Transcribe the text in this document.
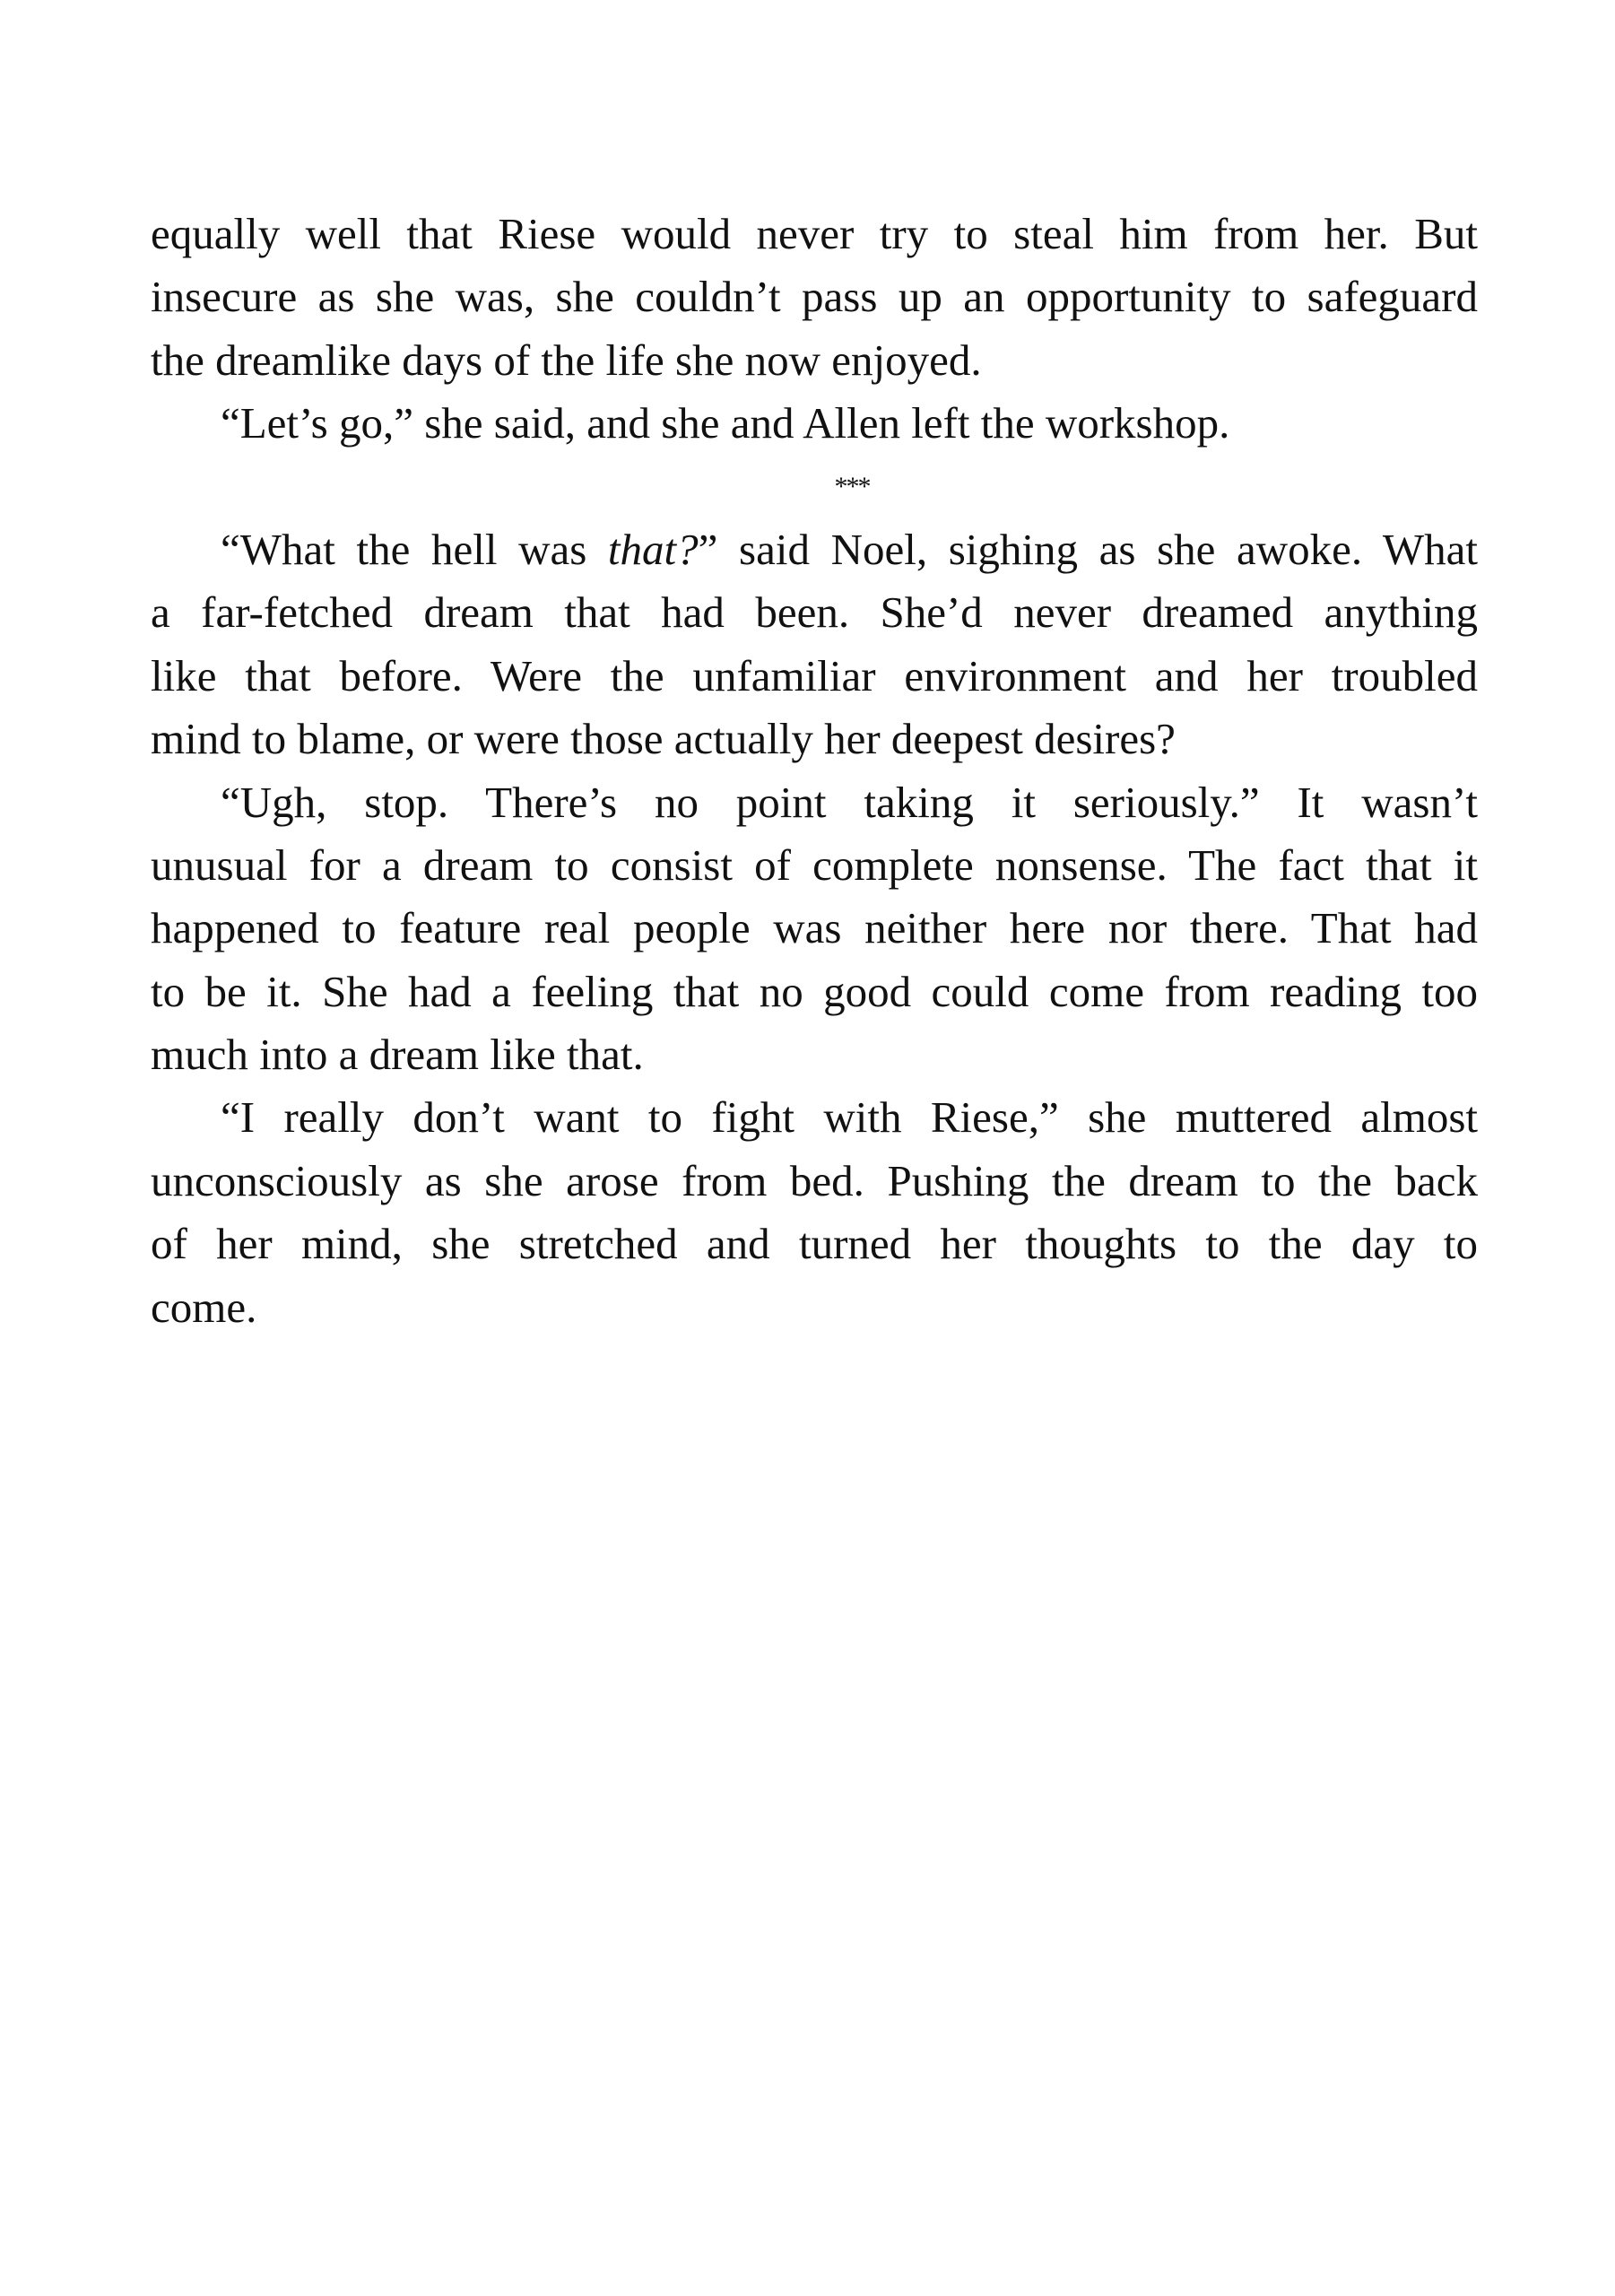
equally well that Riese would never try to steal him from her. But
insecure as she was, she couldn’t pass up an opportunity to safeguard
the dreamlike days of the life she now enjoyed.
“Let’s go,” she said, and she and Allen left the workshop.
***
“What the hell was that?” said Noel, sighing as she awoke. What
a far-fetched dream that had been. She’d never dreamed anything
like that before. Were the unfamiliar environment and her troubled
mind to blame, or were those actually her deepest desires?
“Ugh, stop. There’s no point taking it seriously.” It wasn’t
unusual for a dream to consist of complete nonsense. The fact that it
happened to feature real people was neither here nor there. That had
to be it. She had a feeling that no good could come from reading too
much into a dream like that.
“I really don’t want to fight with Riese,” she muttered almost
unconsciously as she arose from bed. Pushing the dream to the back
of her mind, she stretched and turned her thoughts to the day to
come.
